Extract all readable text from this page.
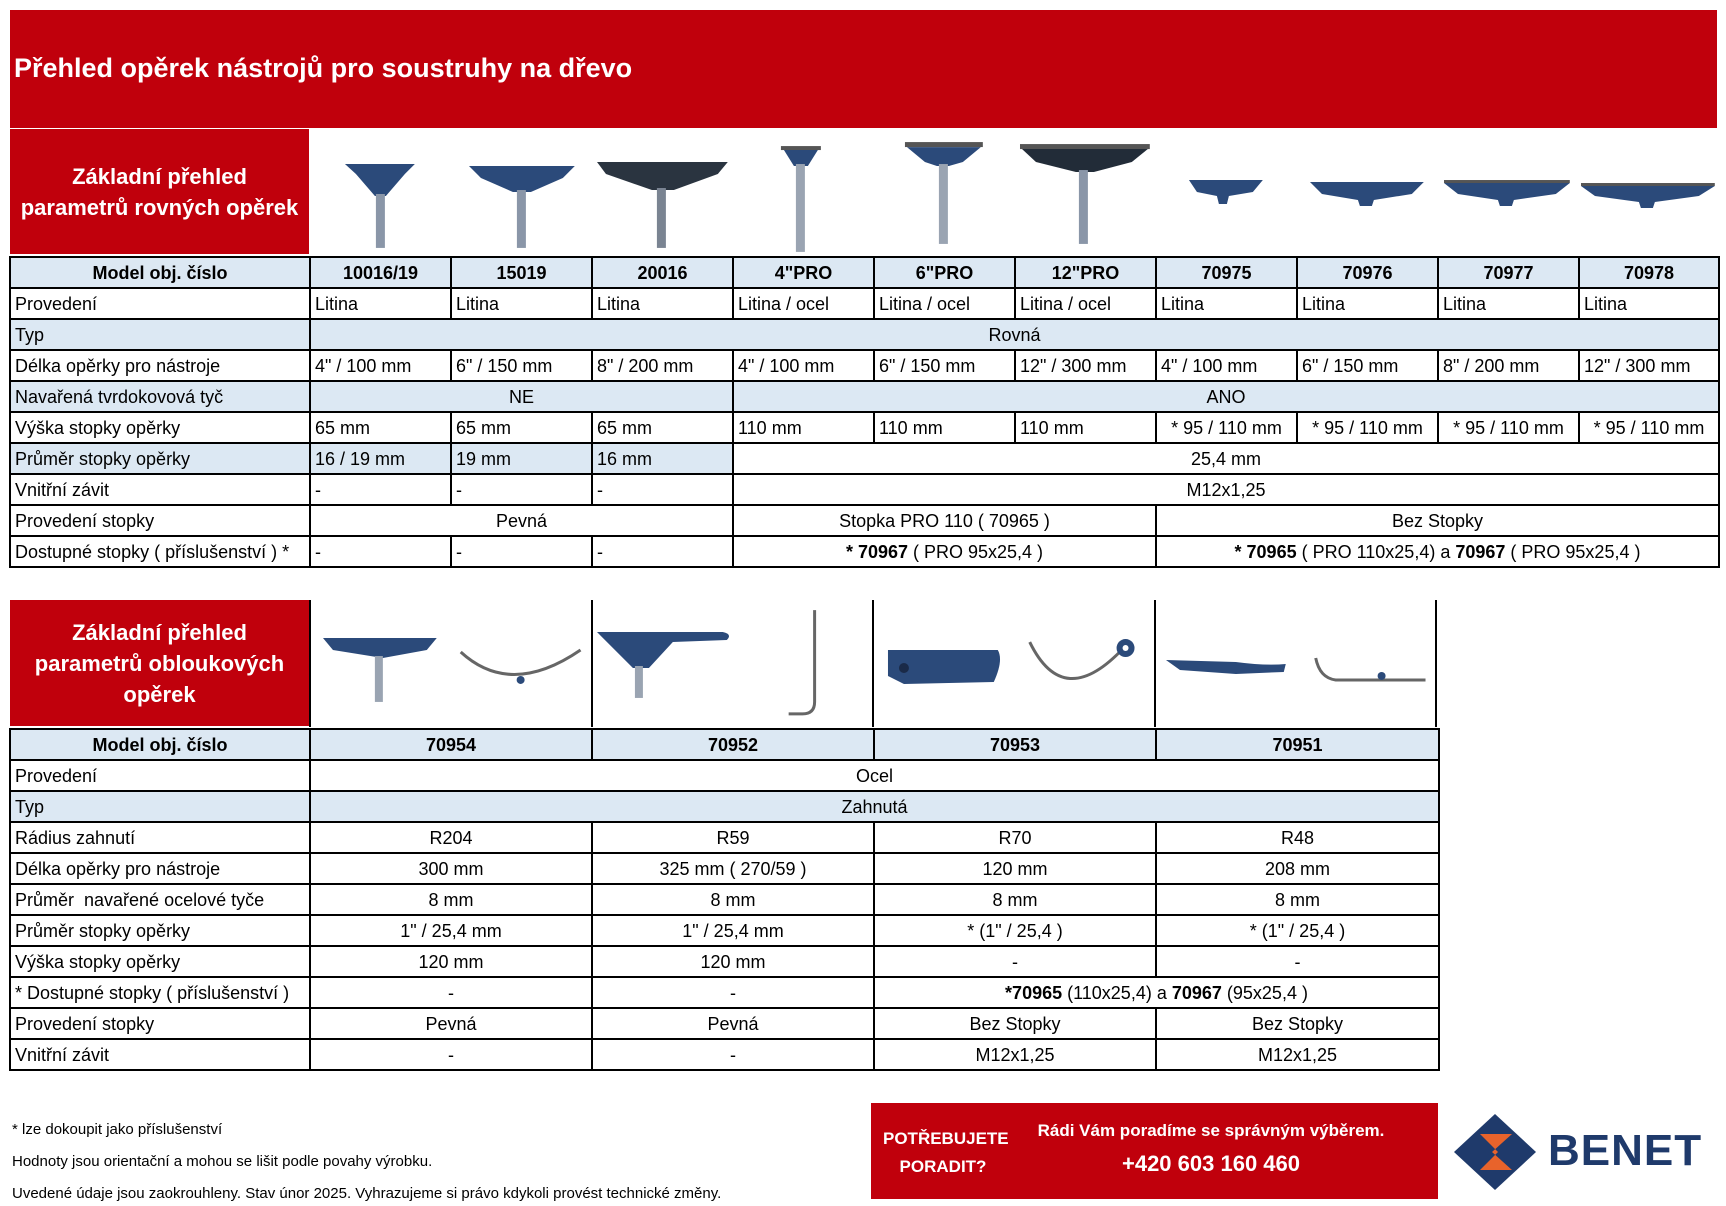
Přehled opěrek nástrojů pro soustruhy na dřevo
Základní přehled parametrů rovných opěrek
Model obj. číslo	10016/19	15019	20016	4"PRO	6"PRO	12"PRO	70975	70976	70977	70978
Provedení	Litina	Litina	Litina	Litina / ocel	Litina / ocel	Litina / ocel	Litina	Litina	Litina	Litina
Typ	Rovná									
Délka opěrky pro nástroje	4" / 100 mm	6" / 150 mm	8" / 200 mm	4" / 100 mm	6" / 150 mm	12" / 300 mm	4" / 100 mm	6" / 150 mm	8" / 200 mm	12" / 300 mm
Navařená tvrdokovová tyč	NE			ANO						
Výška stopky opěrky	65 mm	65 mm	65 mm	110 mm	110 mm	110 mm	* 95 / 110 mm	* 95 / 110 mm	* 95 / 110 mm	* 95 / 110 mm
Průměr stopky opěrky	16 / 19 mm	19 mm	16 mm	25,4 mm						
Vnitřní závit	-	-	-	M12x1,25						
Provedení stopky	Pevná			Stopka PRO 110 ( 70965 )			Bez Stopky			
Dostupné stopky ( příslušenství ) *	-	-	-	* 70967 ( PRO 95x25,4 )			* 70965 ( PRO 110x25,4) a 70967 ( PRO 95x25,4 )			
Základní přehled parametrů obloukových opěrek
Model obj. číslo	70954	70952	70953	70951
Provedení	Ocel			
Typ	Zahnutá			
Rádius zahnutí	R204	R59	R70	R48
Délka opěrky pro nástroje	300 mm	325 mm ( 270/59 )	120 mm	208 mm
Průměr  navařené ocelové tyče	8 mm	8 mm	8 mm	8 mm
Průměr stopky opěrky	1" / 25,4 mm	1" / 25,4 mm	* (1" / 25,4 )	* (1" / 25,4 )
Výška stopky opěrky	120 mm	120 mm	-	-
* Dostupné stopky ( příslušenství )	-	-	*70965 (110x25,4) a 70967 (95x25,4 )	
Provedení stopky	Pevná	Pevná	Bez Stopky	Bez Stopky
Vnitřní závit	-	-	M12x1,25	M12x1,25
* lze dokoupit jako příslušenství
Hodnoty jsou orientační a mohou se lišit podle povahy výrobku.
Uvedené údaje jsou zaokrouhleny. Stav únor 2025. Vyhrazujeme si právo kdykoli provést technické změny.
POTŘEBUJETE
PORADIT?
Rádi Vám poradíme se správným výběrem.
+420 603 160 460	BENET
